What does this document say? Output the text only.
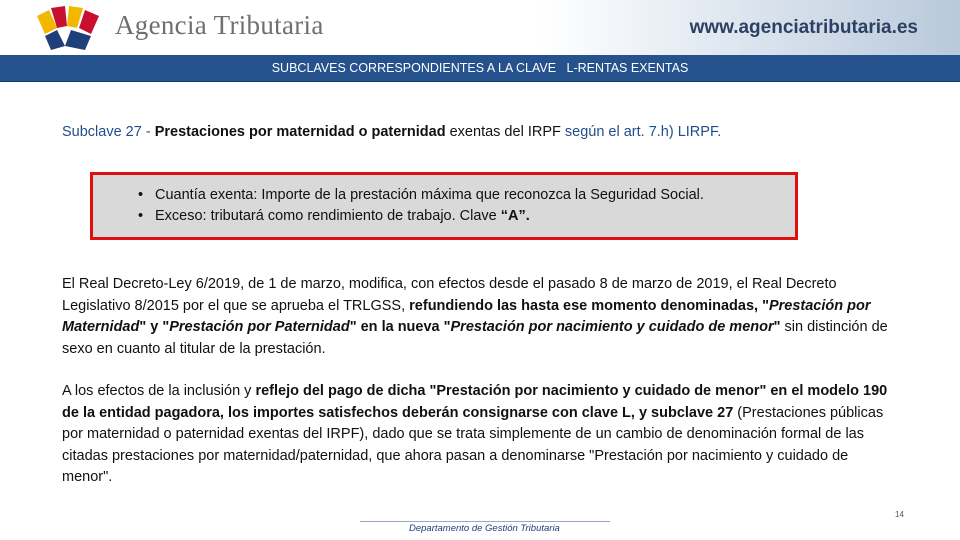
Agencia Tributaria	www.agenciatributaria.es
SUBCLAVES CORRESPONDIENTES A LA CLAVE   L-RENTAS EXENTAS
Subclave 27 - Prestaciones por maternidad o paternidad exentas del IRPF según el art. 7.h) LIRPF.
• Cuantía exenta: Importe de la prestación máxima que reconozca la Seguridad Social.
• Exceso: tributará como rendimiento de trabajo. Clave “A”.

El Real Decreto-Ley 6/2019, de 1 de marzo, modifica, con efectos desde el pasado 8 de marzo de 2019, el Real Decreto Legislativo 8/2015 por el que se aprueba el TRLGSS, refundiendo las hasta ese momento denominadas, "Prestación por Maternidad" y "Prestación por Paternidad" en la nueva "Prestación por nacimiento y cuidado de menor" sin distinción de sexo en cuanto al titular de la prestación.

A los efectos de la inclusión y reflejo del pago de dicha "Prestación por nacimiento y cuidado de menor" en el modelo 190 de la entidad pagadora, los importes satisfechos deberán consignarse con clave L, y subclave 27 (Prestaciones públicas por maternidad o paternidad exentas del IRPF), dado que se trata simplemente de un cambio de denominación formal de las citadas prestaciones por maternidad/paternidad, que ahora pasan a denominarse "Prestación por nacimiento y cuidado de menor".

14
Departamento de Gestión Tributaria
